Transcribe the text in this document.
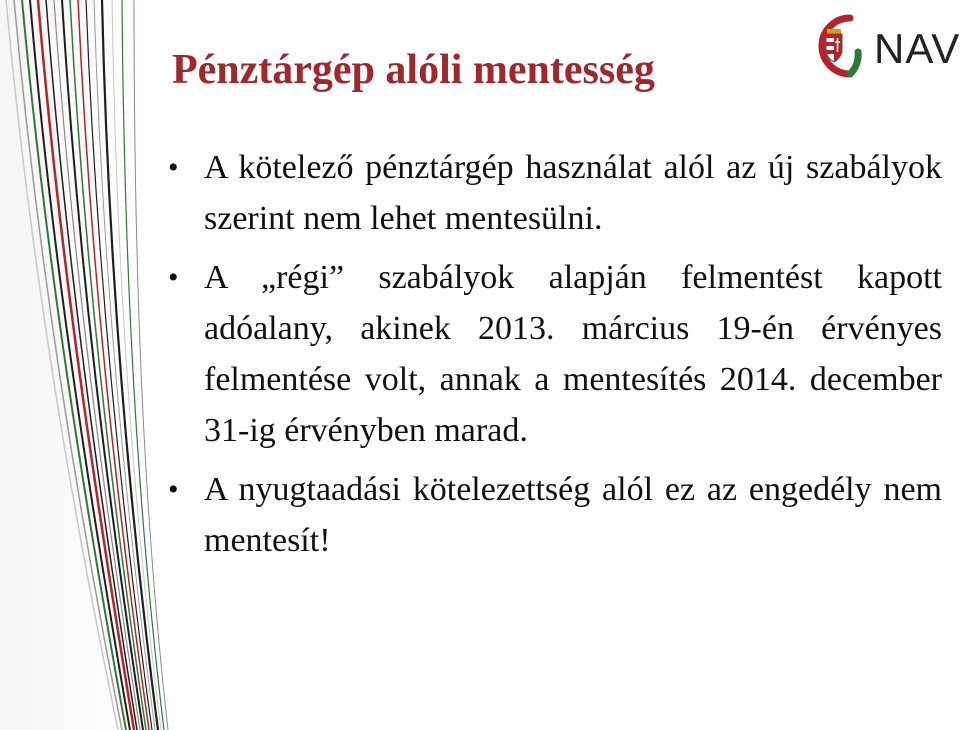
Pénztárgép alóli mentesség	NAV
• A kötelező pénztárgép használat alól az új szabályok szerint nem lehet mentesülni.
• A „régi” szabályok alapján felmentést kapott adóalany, akinek 2013. március 19-én érvényes felmentése volt, annak a mentesítés 2014. december 31-ig érvényben marad.
• A nyugtaadási kötelezettség alól ez az engedély nem mentesít!
